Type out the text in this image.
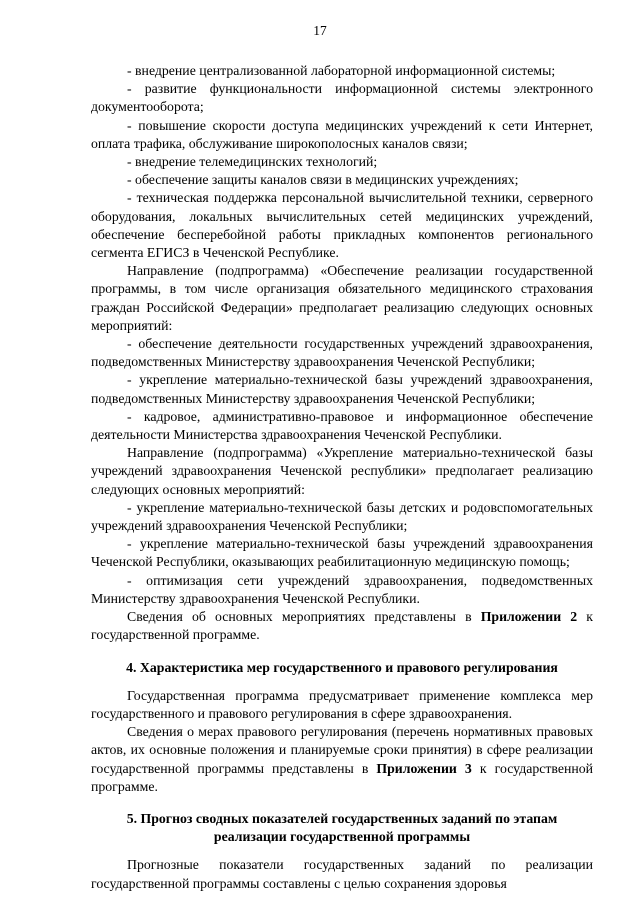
17

- внедрение централизованной лабораторной информационной системы;

- развитие функциональности информационной системы электронного документооборота;

- повышение скорости доступа медицинских учреждений к сети Интернет, оплата трафика, обслуживание широкополосных каналов связи;

- внедрение телемедицинских технологий;

- обеспечение защиты каналов связи в медицинских учреждениях;

- техническая поддержка персональной вычислительной техники, серверного оборудования, локальных вычислительных сетей медицинских учреждений, обеспечение бесперебойной работы прикладных компонентов регионального сегмента ЕГИСЗ в Чеченской Республике.

Направление (подпрограмма) «Обеспечение реализации государственной программы, в том числе организация обязательного медицинского страхования граждан Российской Федерации» предполагает реализацию следующих основных мероприятий:

- обеспечение деятельности государственных учреждений здравоохранения, подведомственных Министерству здравоохранения Чеченской Республики;

- укрепление материально-технической базы учреждений здравоохранения, подведомственных Министерству здравоохранения Чеченской Республики;

- кадровое, административно-правовое и информационное обеспечение деятельности Министерства здравоохранения Чеченской Республики.

Направление (подпрограмма) «Укрепление материально-технической базы учреждений здравоохранения Чеченской республики» предполагает реализацию следующих основных мероприятий:

- укрепление материально-технической базы детских и родовспомогательных учреждений здравоохранения Чеченской Республики;

- укрепление материально-технической базы учреждений здравоохранения Чеченской Республики, оказывающих реабилитационную медицинскую помощь;

- оптимизация сети учреждений здравоохранения, подведомственных Министерству здравоохранения Чеченской Республики.

Сведения об основных мероприятиях представлены в Приложении 2 к государственной программе.

4. Характеристика мер государственного и правового регулирования

Государственная программа предусматривает применение комплекса мер государственного и правового регулирования в сфере здравоохранения.

Сведения о мерах правового регулирования (перечень нормативных правовых актов, их основные положения и планируемые сроки принятия) в сфере реализации государственной программы представлены в Приложении 3 к государственной программе.

5. Прогноз сводных показателей государственных заданий по этапам

реализации государственной программы

Прогнозные показатели государственных заданий по реализации государственной программы составлены с целью сохранения здоровья
